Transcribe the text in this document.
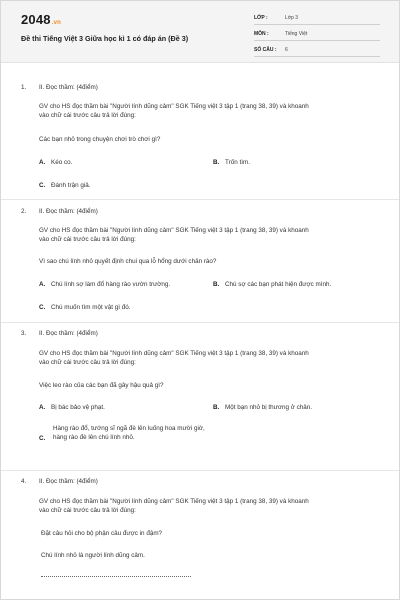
2048.vn
Đề thi Tiếng Việt 3 Giữa học kì 1 có đáp án (Đề 3)
LỚP :	Lớp 3
MÔN :	Tiếng Việt
SỐ CÂU : 6
1. II. Đọc thầm: (4điểm)
GV cho HS đọc thầm bài "Người lính dũng cảm" SGK Tiếng việt 3 tập 1 (trang 38, 39) và khoanh
vào chữ cái trước câu trả lời đúng:
Các bạn nhỏ trong chuyện chơi trò chơi gì?
A. Kéo co.	B. Trốn tìm.
C. Đánh trận giả.
2. II. Đọc thầm: (4điểm)
GV cho HS đọc thầm bài "Người lính dũng cảm" SGK Tiếng việt 3 tập 1 (trang 38, 39) và khoanh
vào chữ cái trước câu trả lời đúng:
Vì sao chú lính nhỏ quyết định chui qua lỗ hổng dưới chân rào?
A. Chú lính sợ làm đổ hàng rào vườn trường.	B. Chú sợ các bạn phát hiện được mình.
C. Chú muốn tìm một vật gì đó.
3. II. Đọc thầm: (4điểm)
GV cho HS đọc thầm bài "Người lính dũng cảm" SGK Tiếng việt 3 tập 1 (trang 38, 39) và khoanh
vào chữ cái trước câu trả lời đúng:
Việc leo rào của các bạn đã gây hậu quả gì?
A. Bị bác bảo vệ phạt.	B. Một bạn nhỏ bị thương ở chân.
C.
Hàng rào đổ, tướng sĩ ngã đè lên luống hoa mười giờ, hàng rào đè lên chú lính nhỏ.
4. II. Đọc thầm: (4điểm)
GV cho HS đọc thầm bài "Người lính dũng cảm" SGK Tiếng việt 3 tập 1 (trang 38, 39) và khoanh
vào chữ cái trước câu trả lời đúng:
Đặt câu hỏi cho bộ phận câu được in đậm?
Chú lính nhỏ là người lính dũng cảm.
